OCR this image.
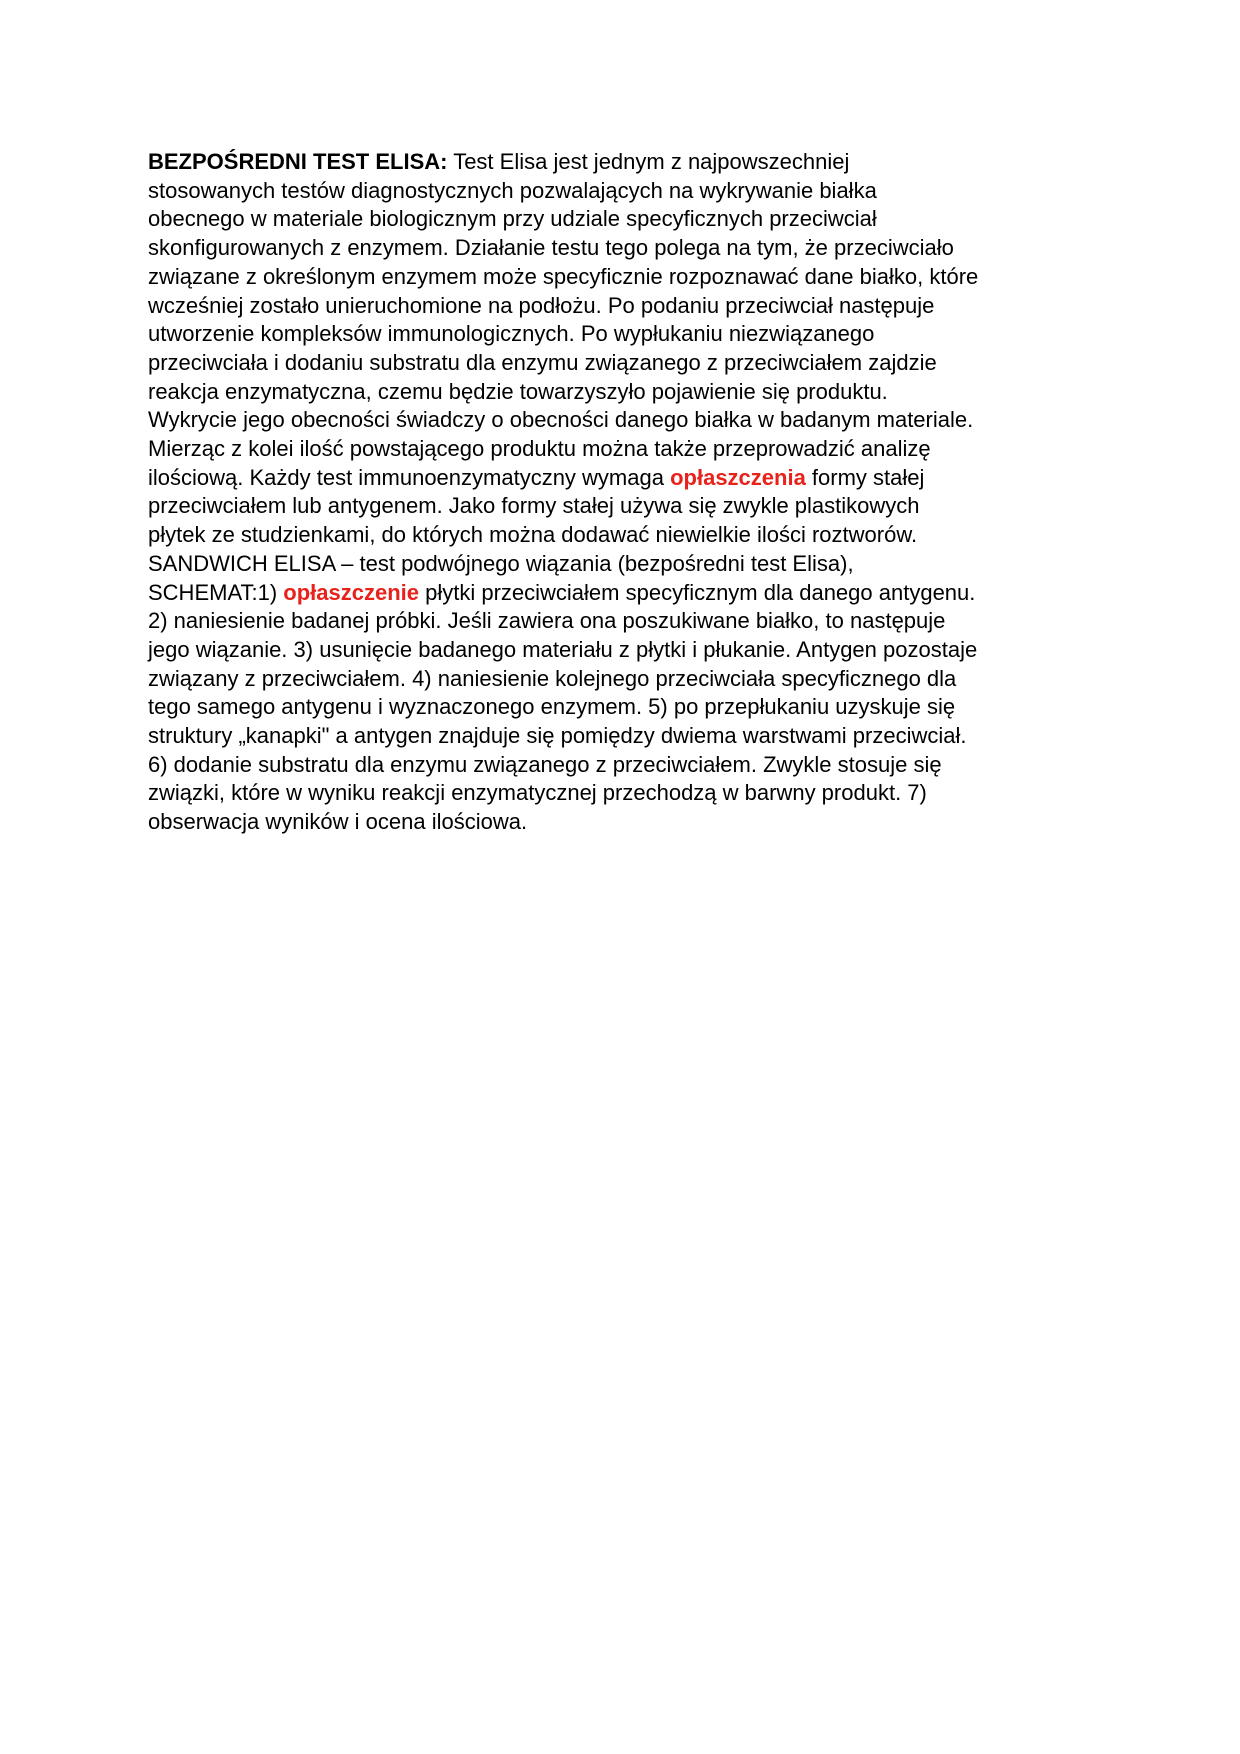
BEZPOŚREDNI TEST ELISA: Test Elisa jest jednym z najpowszechniej
stosowanych testów diagnostycznych pozwalających na wykrywanie białka
obecnego w materiale biologicznym przy udziale specyficznych przeciwciał
skonfigurowanych z enzymem. Działanie testu tego polega na tym, że przeciwciało
związane z określonym enzymem może specyficznie rozpoznawać dane białko, które
wcześniej zostało unieruchomione na podłożu. Po podaniu przeciwciał następuje
utworzenie kompleksów immunologicznych. Po wypłukaniu niezwiązanego
przeciwciała i dodaniu substratu dla enzymu związanego z przeciwciałem zajdzie
reakcja enzymatyczna, czemu będzie towarzyszyło pojawienie się produktu.
Wykrycie jego obecności świadczy o obecności danego białka w badanym materiale.
Mierząc z kolei ilość powstającego produktu można także przeprowadzić analizę
ilościową. Każdy test immunoenzymatyczny wymaga opłaszczenia formy stałej
przeciwciałem lub antygenem. Jako formy stałej używa się zwykle plastikowych
płytek ze studzienkami, do których można dodawać niewielkie ilości roztworów.
SANDWICH ELISA – test podwójnego wiązania (bezpośredni test Elisa),
SCHEMAT:1) opłaszczenie płytki przeciwciałem specyficznym dla danego antygenu.
2) naniesienie badanej próbki. Jeśli zawiera ona poszukiwane białko, to następuje
jego wiązanie. 3) usunięcie badanego materiału z płytki i płukanie. Antygen pozostaje
związany z przeciwciałem. 4) naniesienie kolejnego przeciwciała specyficznego dla
tego samego antygenu i wyznaczonego enzymem. 5) po przepłukaniu uzyskuje się
struktury „kanapki" a antygen znajduje się pomiędzy dwiema warstwami przeciwciał.
6) dodanie substratu dla enzymu związanego z przeciwciałem. Zwykle stosuje się
związki, które w wyniku reakcji enzymatycznej przechodzą w barwny produkt. 7)
obserwacja wyników i ocena ilościowa.
